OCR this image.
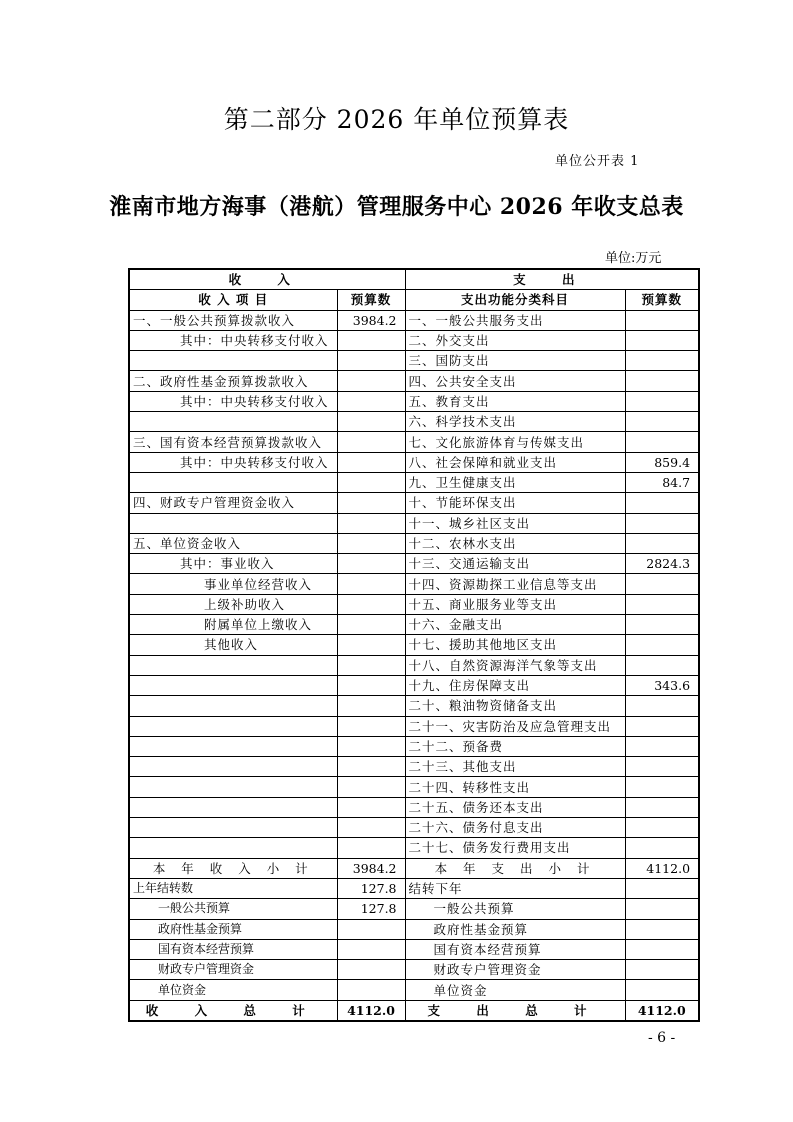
第二部分 2026 年单位预算表
单位公开表 1
淮南市地方海事（港航）管理服务中心 2026 年收支总表
单位:万元
收 入		支 出	
收 入 项 目	预算数	支出功能分类科目	预算数
一、一般公共预算拨款收入	3984.2	一、一般公共服务支出	
其中：中央转移支付收入		二、外交支出	
		三、国防支出	
二、政府性基金预算拨款收入		四、公共安全支出	
其中：中央转移支付收入		五、教育支出	
		六、科学技术支出	
三、国有资本经营预算拨款收入		七、文化旅游体育与传媒支出	
其中：中央转移支付收入		八、社会保障和就业支出	859.4
		九、卫生健康支出	84.7
四、财政专户管理资金收入		十、节能环保支出	
		十一、城乡社区支出	
五、单位资金收入		十二、农林水支出	
其中：事业收入		十三、交通运输支出	2824.3
事业单位经营收入		十四、资源勘探工业信息等支出	
上级补助收入		十五、商业服务业等支出	
附属单位上缴收入		十六、金融支出	
其他收入		十七、援助其他地区支出	
		十八、自然资源海洋气象等支出	
		十九、住房保障支出	343.6
		二十、粮油物资储备支出	
		二十一、灾害防治及应急管理支出	
		二十二、预备费	
		二十三、其他支出	
		二十四、转移性支出	
		二十五、债务还本支出	
		二十六、债务付息支出	
		二十七、债务发行费用支出	
本 年 收 入 小 计	3984.2	本 年 支 出 小 计	4112.0
上年结转数	127.8	结转下年	
一般公共预算	127.8	一般公共预算	
政府性基金预算		政府性基金预算	
国有资本经营预算		国有资本经营预算	
财政专户管理资金		财政专户管理资金	
单位资金		单位资金	
收 入 总 计	4112.0	支 出 总 计	4112.0
- 6 -
